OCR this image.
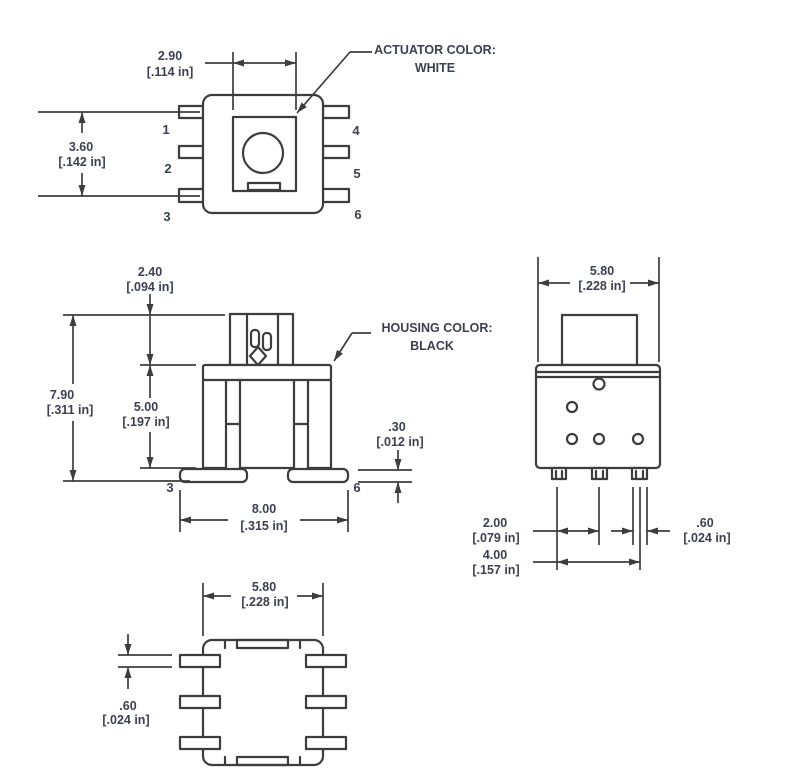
1
2
3
4
5
6
2.90
[.114 in]
3.60
[.142 in]
ACTUATOR COLOR:
WHITE
2.40
[.094 in]
5.00
[.197 in]
7.90
[.311 in]
8.00
[.315 in]
3	6
.30
[.012 in]
HOUSING COLOR:
BLACK
5.80
[.228 in]
2.00
[.079 in]
.60
[.024 in]
4.00
[.157 in]
5.80
[.228 in]
.60
[.024 in]
